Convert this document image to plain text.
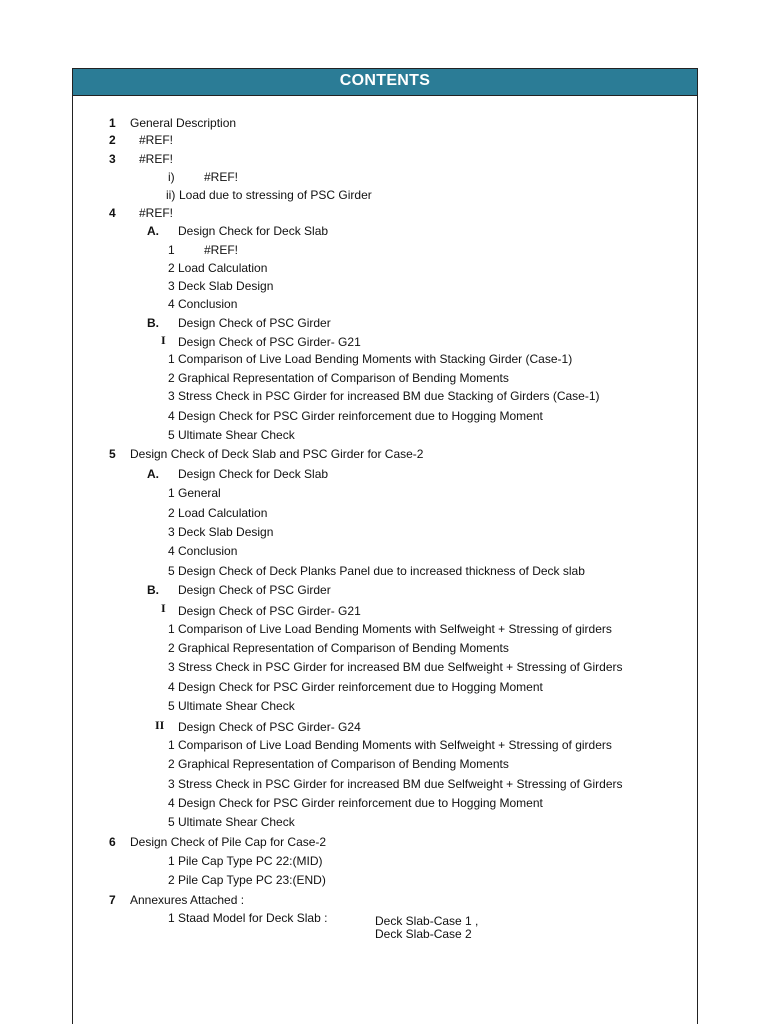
CONTENTS
1 General Description
2 #REF!
3 #REF!
i) #REF!
ii) Load due to stressing of PSC Girder
4 #REF!
A. Design Check for Deck Slab
1 #REF!
2 Load Calculation
3 Deck Slab Design
4 Conclusion
B. Design Check of PSC Girder
I Design Check of PSC Girder- G21
1 Comparison of Live Load Bending Moments with Stacking Girder (Case-1)
2 Graphical Representation of Comparison of Bending Moments
3 Stress Check in PSC Girder for increased BM due Stacking of Girders (Case-1)
4 Design Check for PSC Girder reinforcement due to Hogging Moment
5 Ultimate Shear Check
5 Design Check of Deck Slab and PSC Girder for Case-2
A. Design Check for Deck Slab
1 General
2 Load Calculation
3 Deck Slab Design
4 Conclusion
5 Design Check of Deck Planks Panel due to increased thickness of Deck slab
B. Design Check of PSC Girder
I Design Check of PSC Girder- G21
1 Comparison of Live Load Bending Moments with Selfweight + Stressing of girders
2 Graphical Representation of Comparison of Bending Moments
3 Stress Check in PSC Girder for increased BM due Selfweight + Stressing of Girders
4 Design Check for PSC Girder reinforcement due to Hogging Moment
5 Ultimate Shear Check
II Design Check of PSC Girder- G24
1 Comparison of Live Load Bending Moments with Selfweight + Stressing of girders
2 Graphical Representation of Comparison of Bending Moments
3 Stress Check in PSC Girder for increased BM due Selfweight + Stressing of Girders
4 Design Check for PSC Girder reinforcement due to Hogging Moment
5 Ultimate Shear Check
6 Design Check of Pile Cap for Case-2
1 Pile Cap Type PC 22:(MID)
2 Pile Cap Type PC 23:(END)
7 Annexures Attached :
1 Staad Model for Deck Slab :	Deck Slab-Case 1 ,
Deck Slab-Case 2
